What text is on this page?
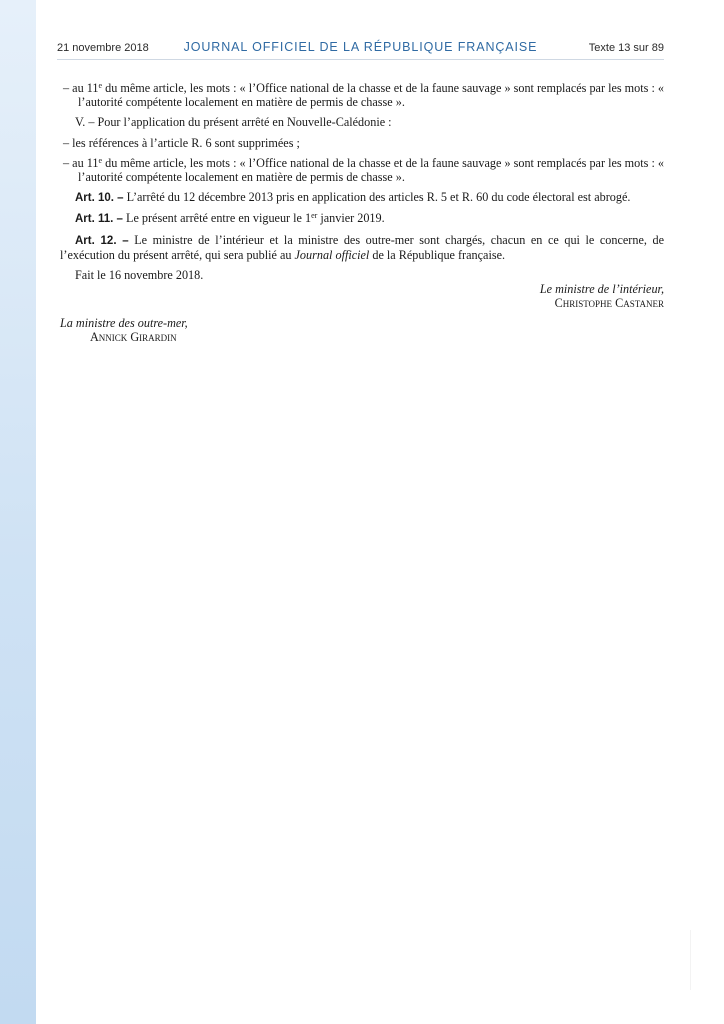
21 novembre 2018	JOURNAL OFFICIEL DE LA RÉPUBLIQUE FRANÇAISE	Texte 13 sur 89

– au 11e du même article, les mots : « l’Office national de la chasse et de la faune sauvage » sont remplacés par les mots : « l’autorité compétente localement en matière de permis de chasse ».

V. – Pour l’application du présent arrêté en Nouvelle-Calédonie :

– les références à l’article R. 6 sont supprimées ;

– au 11e du même article, les mots : « l’Office national de la chasse et de la faune sauvage » sont remplacés par les mots : « l’autorité compétente localement en matière de permis de chasse ».

Art. 10. – L’arrêté du 12 décembre 2013 pris en application des articles R. 5 et R. 60 du code électoral est abrogé.

Art. 11. – Le présent arrêté entre en vigueur le 1er janvier 2019.

Art. 12. – Le ministre de l’intérieur et la ministre des outre-mer sont chargés, chacun en ce qui le concerne, de l’exécution du présent arrêté, qui sera publié au Journal officiel de la République française.

Fait le 16 novembre 2018.

Le ministre de l’intérieur,
Christophe Castaner
La ministre des outre-mer,
Annick Girardin
